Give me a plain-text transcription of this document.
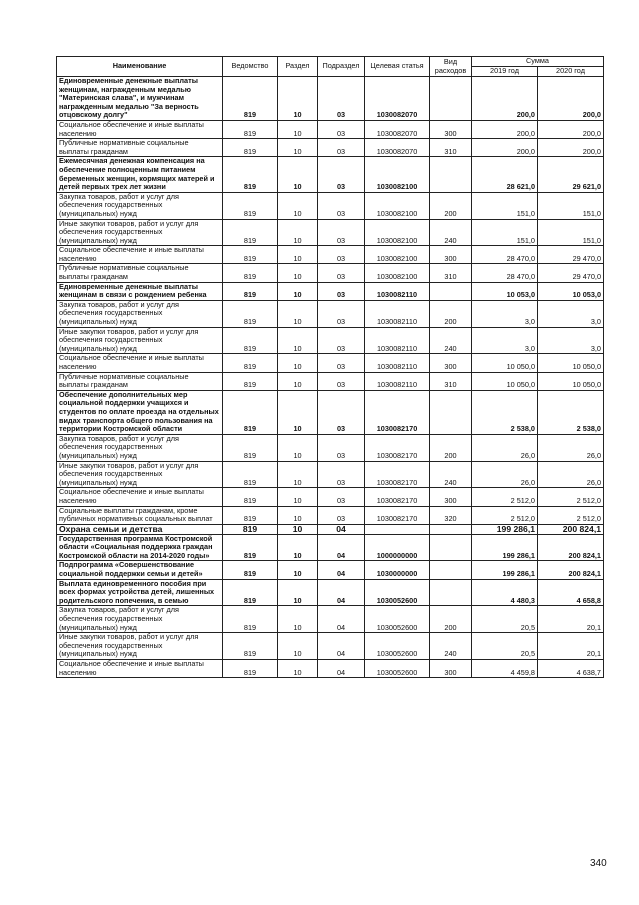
Наименование	Ведомство	Раздел	Подраздел	Целевая статья	Вид расходов	Сумма	
						2019 год	2020 год
Единовременные денежные выплаты женщинам, награжденным медалью "Материнская слава", и мужчинам награжденным медалью "За верность отцовскому долгу"	819	10	03	1030082070		200,0	200,0
Социальное обеспечение и иные выплаты населению	819	10	03	1030082070	300	200,0	200,0
Публичные нормативные социальные выплаты гражданам	819	10	03	1030082070	310	200,0	200,0
Ежемесячная денежная компенсация на обеспечение полноценным питанием беременных женщин, кормящих матерей и детей первых трех лет жизни	819	10	03	1030082100		28 621,0	29 621,0
Закупка товаров, работ и услуг для обеспечения государственных (муниципальных) нужд	819	10	03	1030082100	200	151,0	151,0
Иные закупки товаров, работ и услуг для обеспечения государственных (муниципальных) нужд	819	10	03	1030082100	240	151,0	151,0
Социальное обеспечение и иные выплаты населению	819	10	03	1030082100	300	28 470,0	29 470,0
Публичные нормативные социальные выплаты гражданам	819	10	03	1030082100	310	28 470,0	29 470,0
Единовременные денежные выплаты женщинам в связи с рождением ребенка	819	10	03	1030082110		10 053,0	10 053,0
Закупка товаров, работ и услуг для обеспечения государственных (муниципальных) нужд	819	10	03	1030082110	200	3,0	3,0
Иные закупки товаров, работ и услуг для обеспечения государственных (муниципальных) нужд	819	10	03	1030082110	240	3,0	3,0
Социальное обеспечение и иные выплаты населению	819	10	03	1030082110	300	10 050,0	10 050,0
Публичные нормативные социальные выплаты гражданам	819	10	03	1030082110	310	10 050,0	10 050,0
Обеспечение дополнительных мер социальной поддержки учащихся и студентов по оплате проезда на отдельных видах транспорта общего пользования на территории Костромской области	819	10	03	1030082170		2 538,0	2 538,0
Закупка товаров, работ и услуг для обеспечения государственных (муниципальных) нужд	819	10	03	1030082170	200	26,0	26,0
Иные закупки товаров, работ и услуг для обеспечения государственных (муниципальных) нужд	819	10	03	1030082170	240	26,0	26,0
Социальное обеспечение и иные выплаты населению	819	10	03	1030082170	300	2 512,0	2 512,0
Социальные выплаты гражданам, кроме публичных нормативных социальных выплат	819	10	03	1030082170	320	2 512,0	2 512,0
Охрана семьи и детства	819	10	04			199 286,1	200 824,1
Государственная программа Костромской области «Социальная поддержка граждан Костромской области на 2014-2020 годы»	819	10	04	1000000000		199 286,1	200 824,1
Подпрограмма «Совершенствование социальной поддержки семьи и детей»	819	10	04	1030000000		199 286,1	200 824,1
Выплата единовременного пособия при всех формах устройства детей, лишенных родительского попечения, в семью	819	10	04	1030052600		4 480,3	4 658,8
Закупка товаров, работ и услуг для обеспечения государственных (муниципальных) нужд	819	10	04	1030052600	200	20,5	20,1
Иные закупки товаров, работ и услуг для обеспечения государственных (муниципальных) нужд	819	10	04	1030052600	240	20,5	20,1
Социальное обеспечение и иные выплаты населению	819	10	04	1030052600	300	4 459,8	4 638,7
340
